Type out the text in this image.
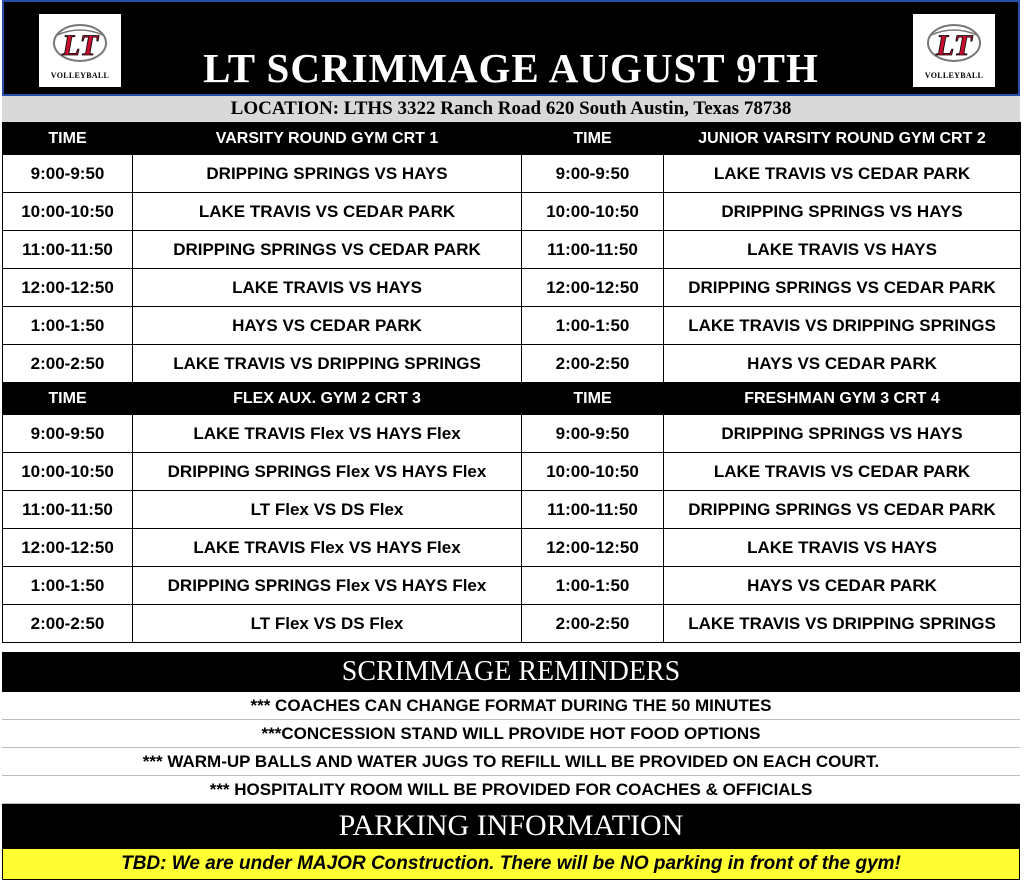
LT
VOLLEYBALL	LT SCRIMMAGE AUGUST 9TH	LT
VOLLEYBALL
LOCATION: LTHS 3322 Ranch Road 620 South Austin, Texas 78738
TIME	VARSITY ROUND GYM CRT 1	TIME	JUNIOR VARSITY ROUND GYM CRT 2
9:00-9:50	DRIPPING SPRINGS VS HAYS	9:00-9:50	LAKE TRAVIS VS CEDAR PARK
10:00-10:50	LAKE TRAVIS VS CEDAR PARK	10:00-10:50	DRIPPING SPRINGS VS HAYS
11:00-11:50	DRIPPING SPRINGS VS CEDAR PARK	11:00-11:50	LAKE TRAVIS VS HAYS
12:00-12:50	LAKE TRAVIS VS HAYS	12:00-12:50	DRIPPING SPRINGS VS CEDAR PARK
1:00-1:50	HAYS VS CEDAR PARK	1:00-1:50	LAKE TRAVIS VS DRIPPING SPRINGS
2:00-2:50	LAKE TRAVIS VS DRIPPING SPRINGS	2:00-2:50	HAYS VS CEDAR PARK
TIME	FLEX AUX. GYM 2 CRT 3	TIME	FRESHMAN GYM 3 CRT 4
9:00-9:50	LAKE TRAVIS Flex VS HAYS Flex	9:00-9:50	DRIPPING SPRINGS VS HAYS
10:00-10:50	DRIPPING SPRINGS Flex VS HAYS Flex	10:00-10:50	LAKE TRAVIS VS CEDAR PARK
11:00-11:50	LT Flex VS DS Flex	11:00-11:50	DRIPPING SPRINGS VS CEDAR PARK
12:00-12:50	LAKE TRAVIS Flex VS HAYS Flex	12:00-12:50	LAKE TRAVIS VS HAYS
1:00-1:50	DRIPPING SPRINGS Flex VS HAYS Flex	1:00-1:50	HAYS VS CEDAR PARK
2:00-2:50	LT Flex VS DS Flex	2:00-2:50	LAKE TRAVIS VS DRIPPING SPRINGS
SCRIMMAGE REMINDERS
*** COACHES CAN CHANGE FORMAT DURING THE 50 MINUTES
***CONCESSION STAND WILL PROVIDE HOT FOOD OPTIONS
*** WARM-UP BALLS AND WATER JUGS TO REFILL WILL BE PROVIDED ON EACH COURT.
*** HOSPITALITY ROOM WILL BE PROVIDED FOR COACHES & OFFICIALS
PARKING INFORMATION
TBD: We are under MAJOR Construction. There will be NO parking in front of the gym!
